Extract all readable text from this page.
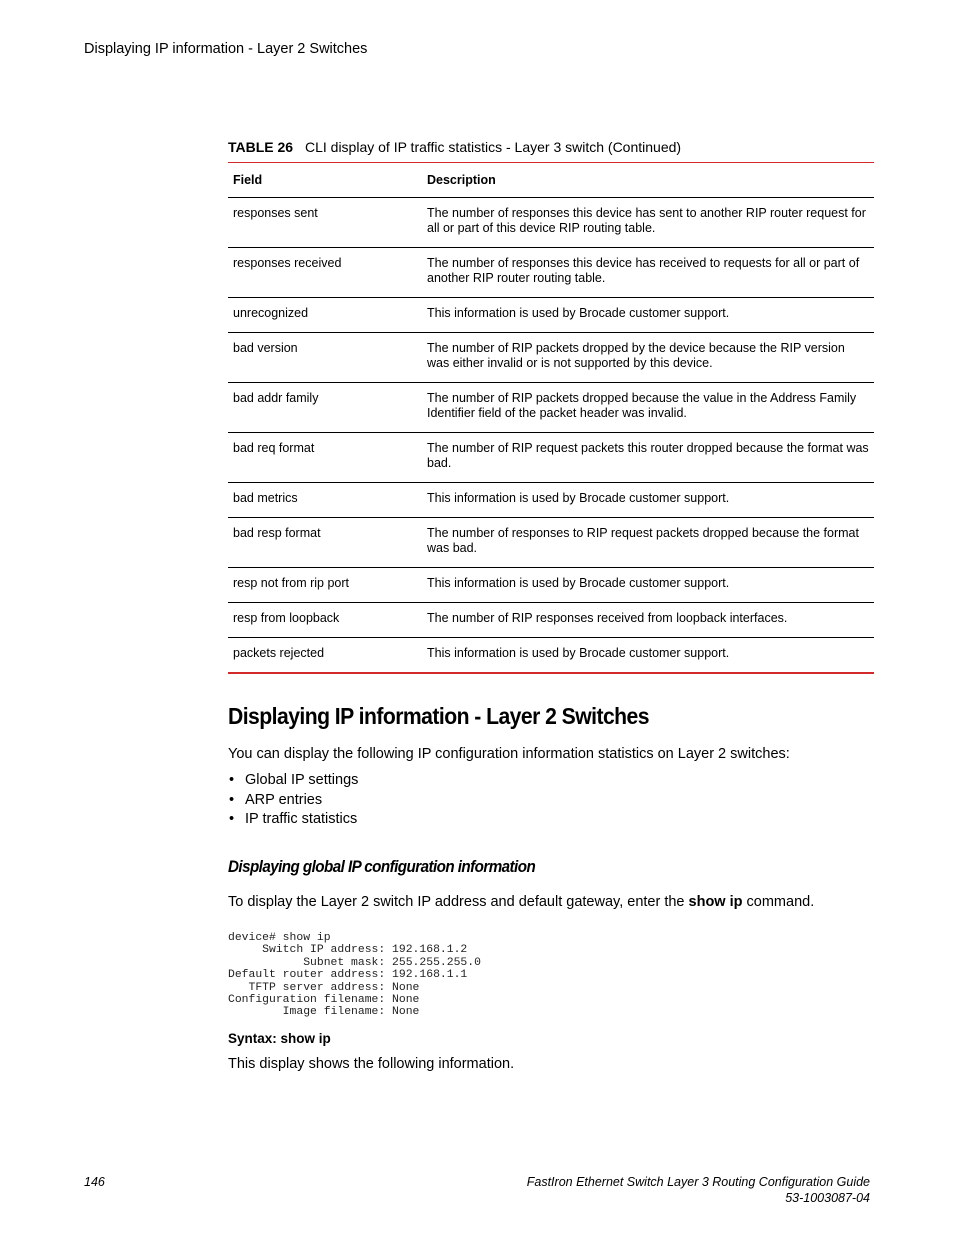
Displaying IP information - Layer 2 Switches
TABLE 26 CLI display of IP traffic statistics - Layer 3 switch (Continued)
Field	Description
responses sent	The number of responses this device has sent to another RIP router request for all or part of this device RIP routing table.
responses received	The number of responses this device has received to requests for all or part of another RIP router routing table.
unrecognized	This information is used by Brocade customer support.
bad version	The number of RIP packets dropped by the device because the RIP version was either invalid or is not supported by this device.
bad addr family	The number of RIP packets dropped because the value in the Address Family Identifier field of the packet header was invalid.
bad req format	The number of RIP request packets this router dropped because the format was bad.
bad metrics	This information is used by Brocade customer support.
bad resp format	The number of responses to RIP request packets dropped because the format was bad.
resp not from rip port	This information is used by Brocade customer support.
resp from loopback	The number of RIP responses received from loopback interfaces.
packets rejected	This information is used by Brocade customer support.
Displaying IP information - Layer 2 Switches
You can display the following IP configuration information statistics on Layer 2 switches:
• Global IP settings
• ARP entries
• IP traffic statistics
Displaying global IP configuration information
To display the Layer 2 switch IP address and default gateway, enter the show ip command.
device# show ip
Switch IP address: 192.168.1.2
Subnet mask: 255.255.255.0
Default router address: 192.168.1.1
TFTP server address: None
Configuration filename: None
Image filename: None
Syntax: show ip
This display shows the following information.
146	FastIron Ethernet Switch Layer 3 Routing Configuration Guide
53-1003087-04
